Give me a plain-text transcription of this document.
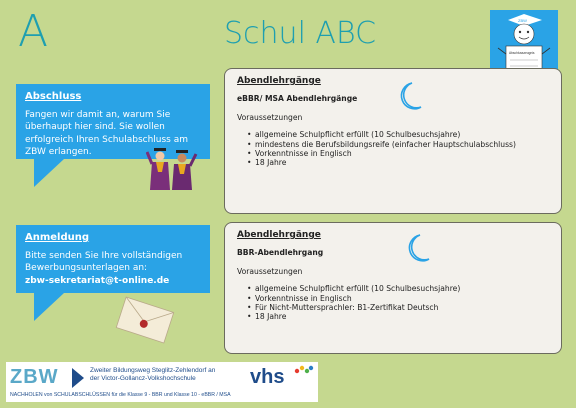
A	Schul ABC	ZBW
Abschlusszeugnis
Abschluss
Fangen wir damit an, warum Sie überhaupt hier sind. Sie wollen erfolgreich Ihren Schulabschluss am ZBW erlangen.
Anmeldung
Bitte senden Sie Ihre vollständigen Bewerbungsunterlagen an:
zbw-sekretariat@t-online.de
Abendlehrgänge
eBBR/ MSA Abendlehrgänge
Voraussetzungen
• allgemeine Schulpflicht erfüllt (10 Schulbesuchsjahre)
• mindestens die Berufsbildungsreife (einfacher Hauptschulabschluss)
• Vorkenntnisse in Englisch
• 18 Jahre
Abendlehrgänge
BBR-Abendlehrgang
Voraussetzungen
• allgemeine Schulpflicht erfüllt (10 Schulbesuchsjahre)
• Vorkenntnisse in Englisch
• Für Nicht-Muttersprachler: B1-Zertifikat Deutsch
• 18 Jahre
ZBW	Zweiter Bildungsweg Steglitz-Zehlendorf an
der Victor-Gollancz-Volkshochschule
NACHHOLEN von SCHULABSCHLÜSSEN für die Klasse 9 - BBR und Klasse 10 - eBBR / MSA
vhs
